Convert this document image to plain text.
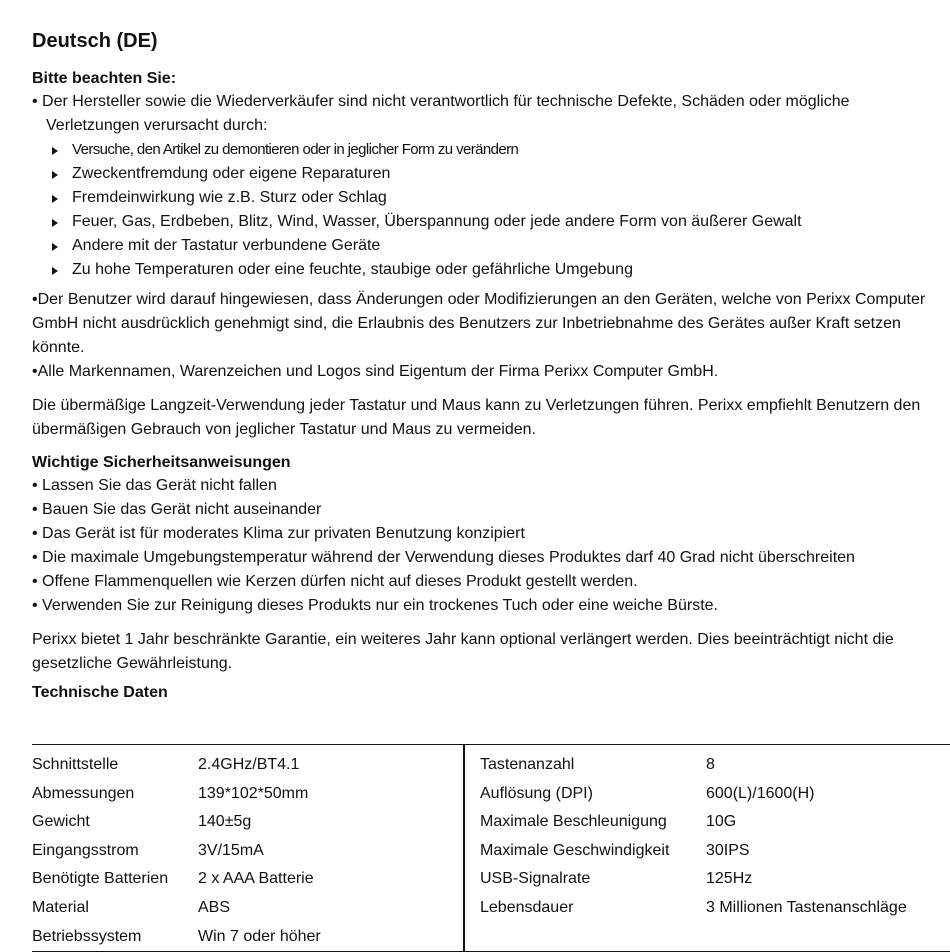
Deutsch (DE)

Bitte beachten Sie:

• Der Hersteller sowie die Wiederverkäufer sind nicht verantwortlich für technische Defekte, Schäden oder mögliche Verletzungen verursacht durch:

Versuche, den Artikel zu demontieren oder in jeglicher Form zu verändern
Zweckentfremdung oder eigene Reparaturen
Fremdeinwirkung wie z.B. Sturz oder Schlag
Feuer, Gas, Erdbeben, Blitz, Wind, Wasser, Überspannung oder jede andere Form von äußerer Gewalt
Andere mit der Tastatur verbundene Geräte
Zu hohe Temperaturen oder eine feuchte, staubige oder gefährliche Umgebung

•Der Benutzer wird darauf hingewiesen, dass Änderungen oder Modifizierungen an den Geräten, welche von Perixx Computer GmbH nicht ausdrücklich genehmigt sind, die Erlaubnis des Benutzers zur Inbetriebnahme des Gerätes außer Kraft setzen könnte.

•Alle Markennamen, Warenzeichen und Logos sind Eigentum der Firma Perixx Computer GmbH.

Die übermäßige Langzeit-Verwendung jeder Tastatur und Maus kann zu Verletzungen führen. Perixx empfiehlt Benutzern den übermäßigen Gebrauch von jeglicher Tastatur und Maus zu vermeiden.

Wichtige Sicherheitsanweisungen

• Lassen Sie das Gerät nicht fallen

• Bauen Sie das Gerät nicht auseinander

• Das Gerät ist für moderates Klima zur privaten Benutzung konzipiert

• Die maximale Umgebungstemperatur während der Verwendung dieses Produktes darf 40 Grad nicht überschreiten

• Offene Flammenquellen wie Kerzen dürfen nicht auf dieses Produkt gestellt werden.

• Verwenden Sie zur Reinigung dieses Produkts nur ein trockenes Tuch oder eine weiche Bürste.

Perixx bietet 1 Jahr beschränkte Garantie, ein weiteres Jahr kann optional verlängert werden. Dies beeinträchtigt nicht die gesetzliche Gewährleistung.

Technische Daten

Schnittstelle	2.4GHz/BT4.1
Abmessungen	139*102*50mm
Gewicht	140±5g
Eingangsstrom	3V/15mA
Benötigte Batterien 2 x AAA Batterie
Material	ABS
Betriebssystem	Win 7 oder höher
Tastenanzahl	8
Auflösung (DPI)	600(L)/1600(H)
Maximale Beschleunigung 10G
Maximale Geschwindigkeit 30IPS
USB-Signalrate	125Hz
Lebensdauer	3 Millionen Tastenanschläge
